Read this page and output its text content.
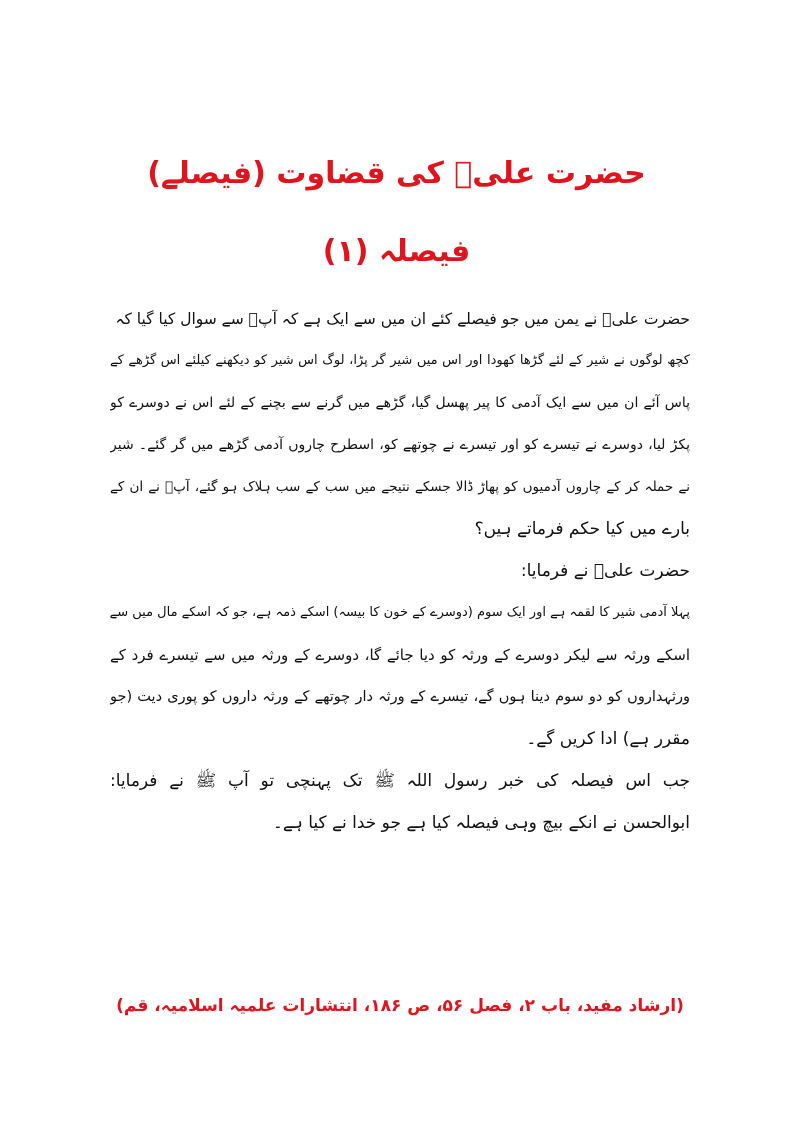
حضرت علیؑ کی قضاوت (فیصلے)
فیصلہ (۱)
حضرت علیؑ نے یمن میں جو فیصلے کئے ان میں سے ایک ہے کہ آپؑ سے سوال کیا گیا کہ
کچھ لوگوں نے شیر کے لئے گڑھا کھودا اور اس میں شیر گر پڑا، لوگ اس شیر کو دیکھنے کیلئے اس گڑھے کے
پاس آئے ان میں سے ایک آدمی کا پیر پھسل گیا، گڑھے میں گرنے سے بچنے کے لئے اس نے دوسرے کو
پکڑ لیا، دوسرے نے تیسرے کو اور تیسرے نے چوتھے کو، اسطرح چاروں آدمی گڑھے میں گر گئے۔ شیر
نے حملہ کر کے چاروں آدمیوں کو پھاڑ ڈالا جسکے نتیجے میں سب کے سب ہلاک ہو گئے، آپؑ نے ان کے
بارے میں کیا حکم فرماتے ہیں؟
حضرت علیؑ نے فرمایا:
پہلا آدمی شیر کا لقمہ ہے اور ایک سوم (دوسرے کے خون کا بیسہ) اسکے ذمہ ہے، جو کہ اسکے مال میں سے
اسکے ورثہ سے لیکر دوسرے کے ورثہ کو دیا جائے گا، دوسرے کے ورثہ میں سے تیسرے فرد کے
ورثہداروں کو دو سوم دینا ہوں گے، تیسرے کے ورثہ دار چوتھے کے ورثہ داروں کو پوری دیت (جو
مقرر ہے) ادا کریں گے۔
جب اس فیصلہ کی خبر رسول اللہ ﷺ تک پہنچی تو آپ ﷺ نے فرمایا:
ابوالحسن نے انکے بیچ وہی فیصلہ کیا ہے جو خدا نے کیا ہے۔
(ارشاد مفید، باب ۲، فصل ۵۶، ص ۱۸۶، انتشارات علمیہ اسلامیہ، قم)
